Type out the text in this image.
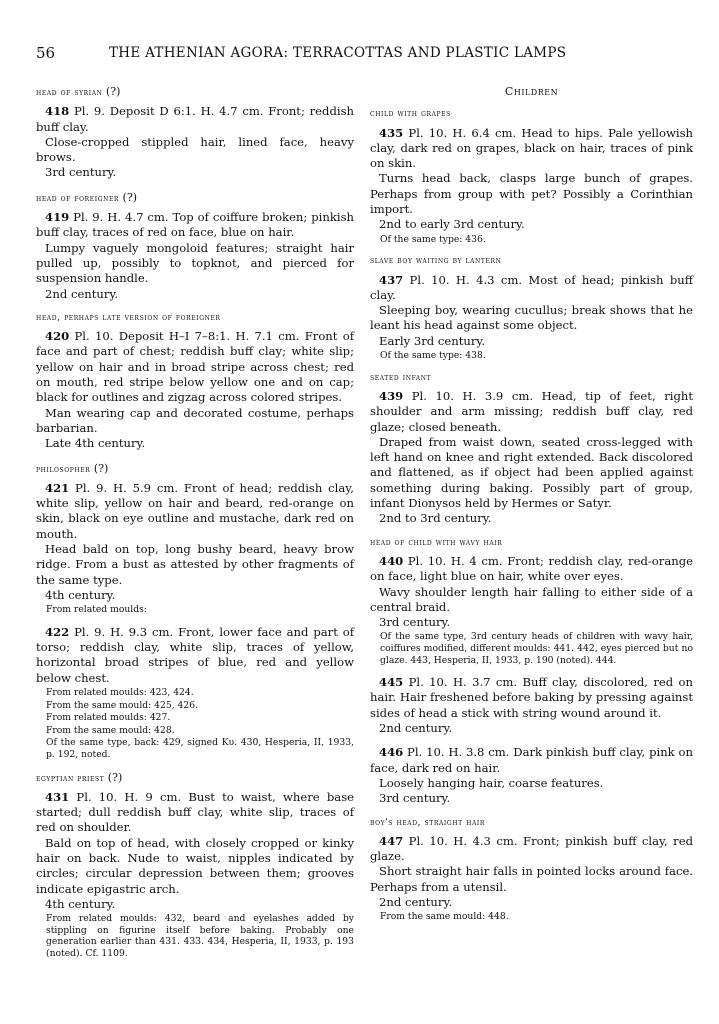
56	THE ATHENIAN AGORA: TERRACOTTAS AND PLASTIC LAMPS
head of syrian (?)

418 Pl. 9. Deposit D 6:1. H. 4.7 cm. Front; reddish buff clay.

Close-cropped stippled hair, lined face, heavy brows.

3rd century.

head of foreigner (?)

419 Pl. 9. H. 4.7 cm. Top of coiffure broken; pinkish buff clay, traces of red on face, blue on hair.

Lumpy vaguely mongoloid features; straight hair pulled up, possibly to topknot, and pierced for suspension handle.

2nd century.

head, perhaps late version of foreigner

420 Pl. 10. Deposit H–I 7–8:1. H. 7.1 cm. Front of face and part of chest; reddish buff clay; white slip; yellow on hair and in broad stripe across chest; red on mouth, red stripe below yellow one and on cap; black for outlines and zigzag across colored stripes.

Man wearing cap and decorated costume, perhaps barbarian.

Late 4th century.

philosopher (?)

421 Pl. 9. H. 5.9 cm. Front of head; reddish clay, white slip, yellow on hair and beard, red-orange on skin, black on eye outline and mustache, dark red on mouth.

Head bald on top, long bushy beard, heavy brow ridge. From a bust as attested by other fragments of the same type.

4th century.

From related moulds:

422 Pl. 9. H. 9.3 cm. Front, lower face and part of torso; reddish clay, white slip, traces of yellow, horizontal broad stripes of blue, red and yellow below chest.

From related moulds: 423, 424.

From the same mould: 425, 426.

From related moulds: 427.

From the same mould: 428.

Of the same type, back: 429, signed Kυ. 430, Hesperia, II, 1933, p. 192, noted.

egyptian priest (?)

431 Pl. 10. H. 9 cm. Bust to waist, where base started; dull reddish buff clay, white slip, traces of red on shoulder.

Bald on top of head, with closely cropped or kinky hair on back. Nude to waist, nipples indicated by circles; circular depression between them; grooves indicate epigastric arch.

4th century.

From related moulds: 432, beard and eyelashes added by stippling on figurine itself before baking. Probably one generation earlier than 431. 433. 434, Hesperia, II, 1933, p. 193 (noted). Cf. 1109.

Children
child with grapes

435 Pl. 10. H. 6.4 cm. Head to hips. Pale yellowish clay, dark red on grapes, black on hair, traces of pink on skin.

Turns head back, clasps large bunch of grapes. Perhaps from group with pet? Possibly a Corinthian import.

2nd to early 3rd century.

Of the same type: 436.

slave boy waiting by lantern

437 Pl. 10. H. 4.3 cm. Most of head; pinkish buff clay.

Sleeping boy, wearing cucullus; break shows that he leant his head against some object.

Early 3rd century.

Of the same type: 438.

seated infant

439 Pl. 10. H. 3.9 cm. Head, tip of feet, right shoulder and arm missing; reddish buff clay, red glaze; closed beneath.

Draped from waist down, seated cross-legged with left hand on knee and right extended. Back discolored and flattened, as if object had been applied against something during baking. Possibly part of group, infant Dionysos held by Hermes or Satyr.

2nd to 3rd century.

head of child with wavy hair

440 Pl. 10. H. 4 cm. Front; reddish clay, red-orange on face, light blue on hair, white over eyes.

Wavy shoulder length hair falling to either side of a central braid.

3rd century.

Of the same type, 3rd century heads of children with wavy hair, coiffures modified, different moulds: 441. 442, eyes pierced but no glaze. 443, Hesperia, II, 1933, p. 190 (noted). 444.

445 Pl. 10. H. 3.7 cm. Buff clay, discolored, red on hair. Hair freshened before baking by pressing against sides of head a stick with string wound around it.

2nd century.

446 Pl. 10. H. 3.8 cm. Dark pinkish buff clay, pink on face, dark red on hair.

Loosely hanging hair, coarse features.

3rd century.

boy's head, straight hair

447 Pl. 10. H. 4.3 cm. Front; pinkish buff clay, red glaze.

Short straight hair falls in pointed locks around face. Perhaps from a utensil.

2nd century.

From the same mould: 448.
